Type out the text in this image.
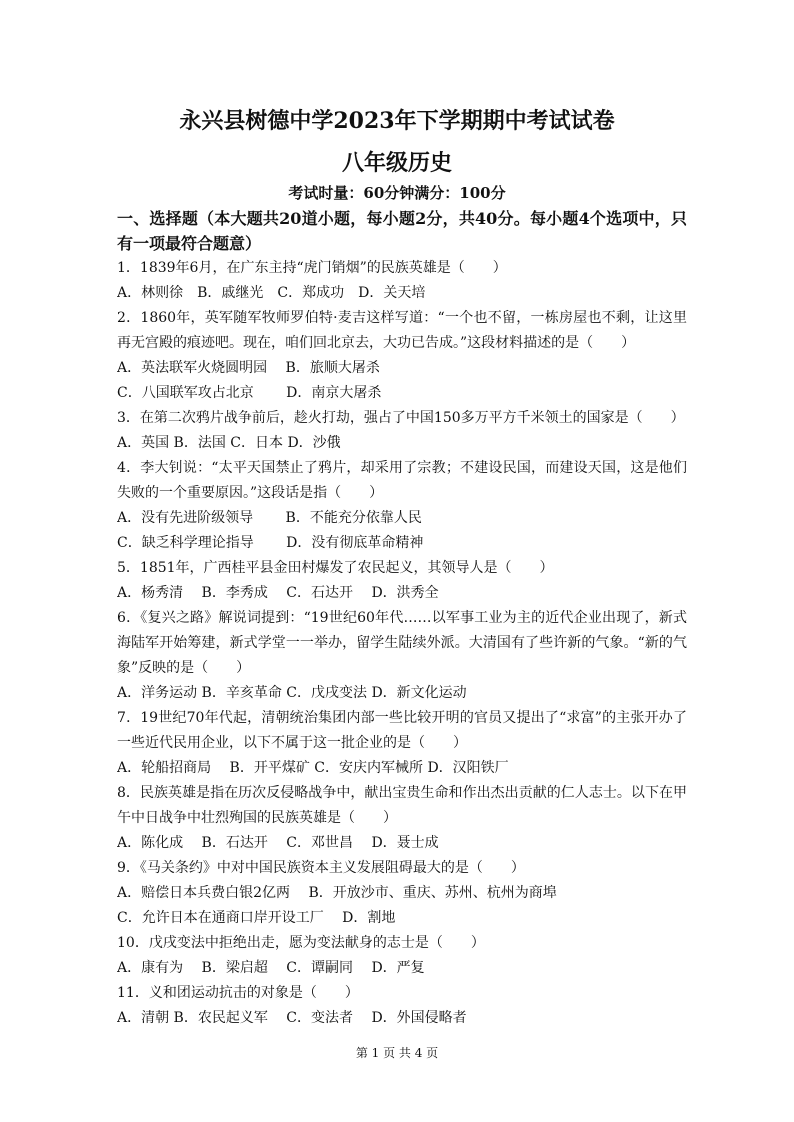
永兴县树德中学2023年下学期期中考试试卷
八年级历史
考试时量：60分钟满分：100分
一、选择题（本大题共20道小题，每小题2分，共40分。每小题4个选项中，只有一项最符合题意）
1．1839年6月，在广东主持“虎门销烟”的民族英雄是（　　）
A．林则徐　B．戚继光　C．郑成功　D．关天培
2．1860年，英军随军牧师罗伯特·麦吉这样写道：“一个也不留，一栋房屋也不剩，让这里再无宫殿的痕迹吧。现在，咱们回北京去，大功已告成。”这段材料描述的是（　　）
A．英法联军火烧圆明园　 B．旅顺大屠杀
C．八国联军攻占北京　　 D．南京大屠杀
3．在第二次鸦片战争前后，趁火打劫，强占了中国150多万平方千米领土的国家是（　　）
A．英国 B．法国 C．日本 D．沙俄
4．李大钊说：“太平天国禁止了鸦片，却采用了宗教；不建设民国，而建设天国，这是他们失败的一个重要原因。”这段话是指（　　）
A．没有先进阶级领导　　 B．不能充分依靠人民
C．缺乏科学理论指导　　 D．没有彻底革命精神
5．1851年，广西桂平县金田村爆发了农民起义，其领导人是（　　）
A．杨秀清　 B．李秀成　 C．石达开　 D．洪秀全
6．《复兴之路》解说词提到：“19世纪60年代……以军事工业为主的近代企业出现了，新式海陆军开始筹建，新式学堂一一举办，留学生陆续外派。大清国有了些许新的气象。“新的气象”反映的是（　　）
A．洋务运动 B．辛亥革命 C．戊戌变法 D．新文化运动
7．19世纪70年代起，清朝统治集团内部一些比较开明的官员又提出了“求富”的主张开办了一些近代民用企业，以下不属于这一批企业的是（　　）
A．轮船招商局　 B．开平煤矿 C．安庆内军械所 D．汉阳铁厂
8．民族英雄是指在历次反侵略战争中，献出宝贵生命和作出杰出贡献的仁人志士。以下在甲午中日战争中壮烈殉国的民族英雄是（　　）
A．陈化成　 B．石达开　 C．邓世昌　 D．聂士成
9．《马关条约》中对中国民族资本主义发展阻碍最大的是（　　）
A．赔偿日本兵费白银2亿两　 B．开放沙市、重庆、苏州、杭州为商埠
C．允许日本在通商口岸开设工厂　 D．割地
10．戊戌变法中拒绝出走，愿为变法献身的志士是（　　）
A．康有为　 B．梁启超　 C．谭嗣同　 D．严复
11．义和团运动抗击的对象是（　　）
A．清朝 B．农民起义军　 C．变法者　 D．外国侵略者
第 1 页 共 4 页
